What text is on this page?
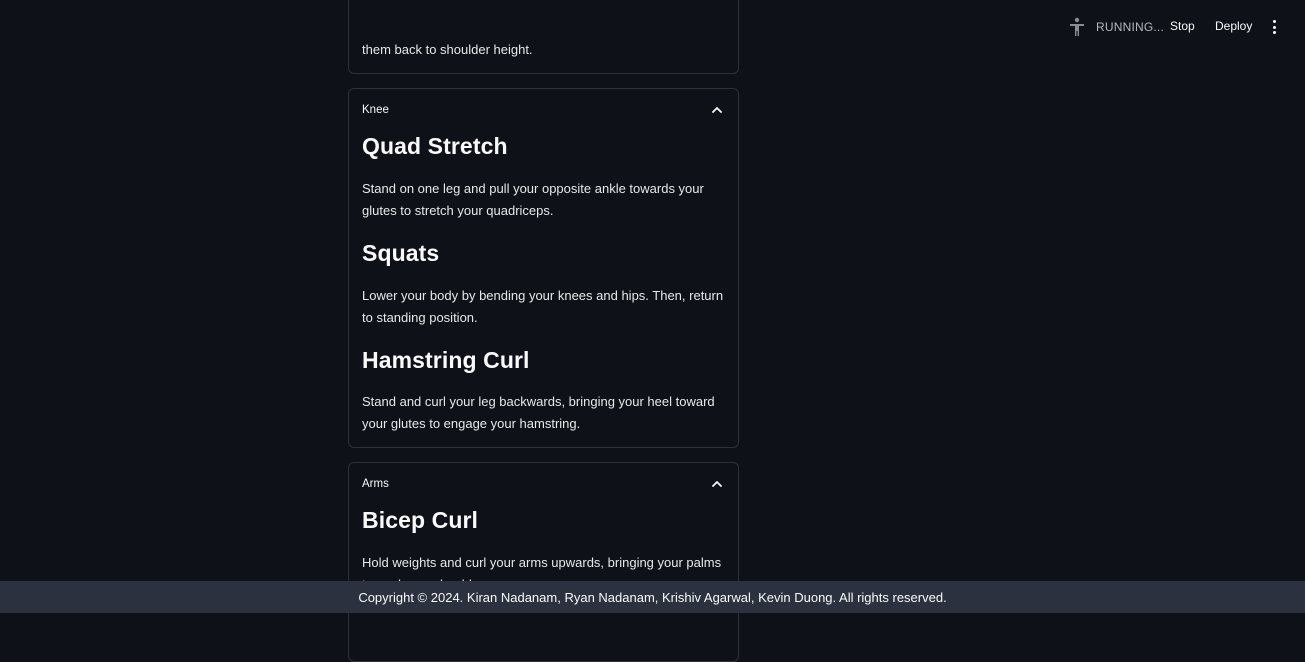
RUNNING... Stop Deploy

them back to shoulder height.

Knee
Quad Stretch

Stand on one leg and pull your opposite ankle towards your glutes to stretch your quadriceps.

Squats

Lower your body by bending your knees and hips. Then, return to standing position.

Hamstring Curl

Stand and curl your leg backwards, bringing your heel toward your glutes to engage your hamstring.

Arms
Bicep Curl

Hold weights and curl your arms upwards, bringing your palms

Copyright © 2024. Kiran Nadanam, Ryan Nadanam, Krishiv Agarwal, Kevin Duong. All rights reserved.
